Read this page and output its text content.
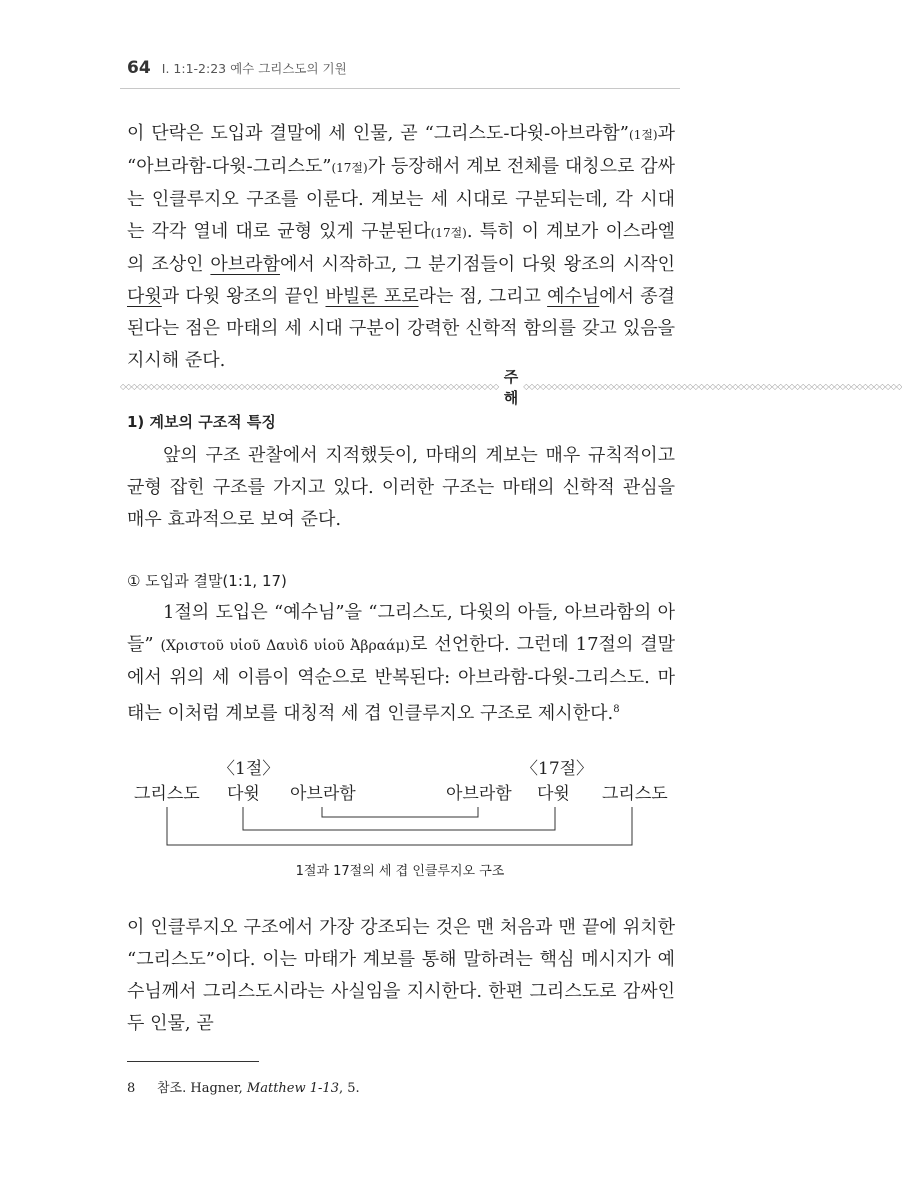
64 I. 1:1-2:23 예수 그리스도의 기원

이 단락은 도입과 결말에 세 인물, 곧 “그리스도-다윗-아브라함”(1절)과 “아브라함-다윗-그리스도”(17절)가 등장해서 계보 전체를 대칭으로 감싸는 인클루지오 구조를 이룬다. 계보는 세 시대로 구분되는데, 각 시대는 각각 열네 대로 균형 있게 구분된다(17절). 특히 이 계보가 이스라엘의 조상인 아브라함에서 시작하고, 그 분기점들이 다윗 왕조의 시작인 다윗과 다윗 왕조의 끝인 바빌론 포로라는 점, 그리고 예수님에서 종결된다는 점은 마태의 세 시대 구분이 강력한 신학적 함의를 갖고 있음을 지시해 준다.

◇◇◇◇◇◇◇◇◇◇◇◇◇◇◇◇◇◇◇◇◇◇◇◇◇◇◇◇◇◇◇◇◇◇◇◇◇◇◇◇◇◇◇◇◇◇◇◇◇◇◇◇◇◇◇◇◇◇◇◇◇◇◇◇◇◇◇
주해
◇◇◇◇◇◇◇◇◇◇◇◇◇◇◇◇◇◇◇◇◇◇◇◇◇◇◇◇◇◇◇◇◇◇◇◇◇◇◇◇◇◇◇◇◇◇◇◇◇◇◇◇◇◇◇◇◇◇◇◇◇◇◇◇◇◇◇
1) 계보의 구조적 특징

앞의 구조 관찰에서 지적했듯이, 마태의 계보는 매우 규칙적이고 균형 잡힌 구조를 가지고 있다. 이러한 구조는 마태의 신학적 관심을 매우 효과적으로 보여 준다.

① 도입과 결말(1:1, 17)

1절의 도입은 “예수님”을 “그리스도, 다윗의 아들, 아브라함의 아들” (Χριστοῦ υἱοῦ Δαυὶδ υἱοῦ Ἀβραάμ)로 선언한다. 그런데 17절의 결말에서 위의 세 이름이 역순으로 반복된다: 아브라함-다윗-그리스도. 마태는 이처럼 계보를 대칭적 세 겹 인클루지오 구조로 제시한다.$^8$

〈1절〉	〈17절〉
그리스도 다윗 아브라함	아브라함 다윗 그리스도
1절과 17절의 세 겹 인클루지오 구조

이 인클루지오 구조에서 가장 강조되는 것은 맨 처음과 맨 끝에 위치한 “그리스도”이다. 이는 마태가 계보를 통해 말하려는 핵심 메시지가 예수님께서 그리스도시라는 사실임을 지시한다. 한편 그리스도로 감싸인 두 인물, 곧

8 참조. Hagner, Matthew 1-13, 5.
